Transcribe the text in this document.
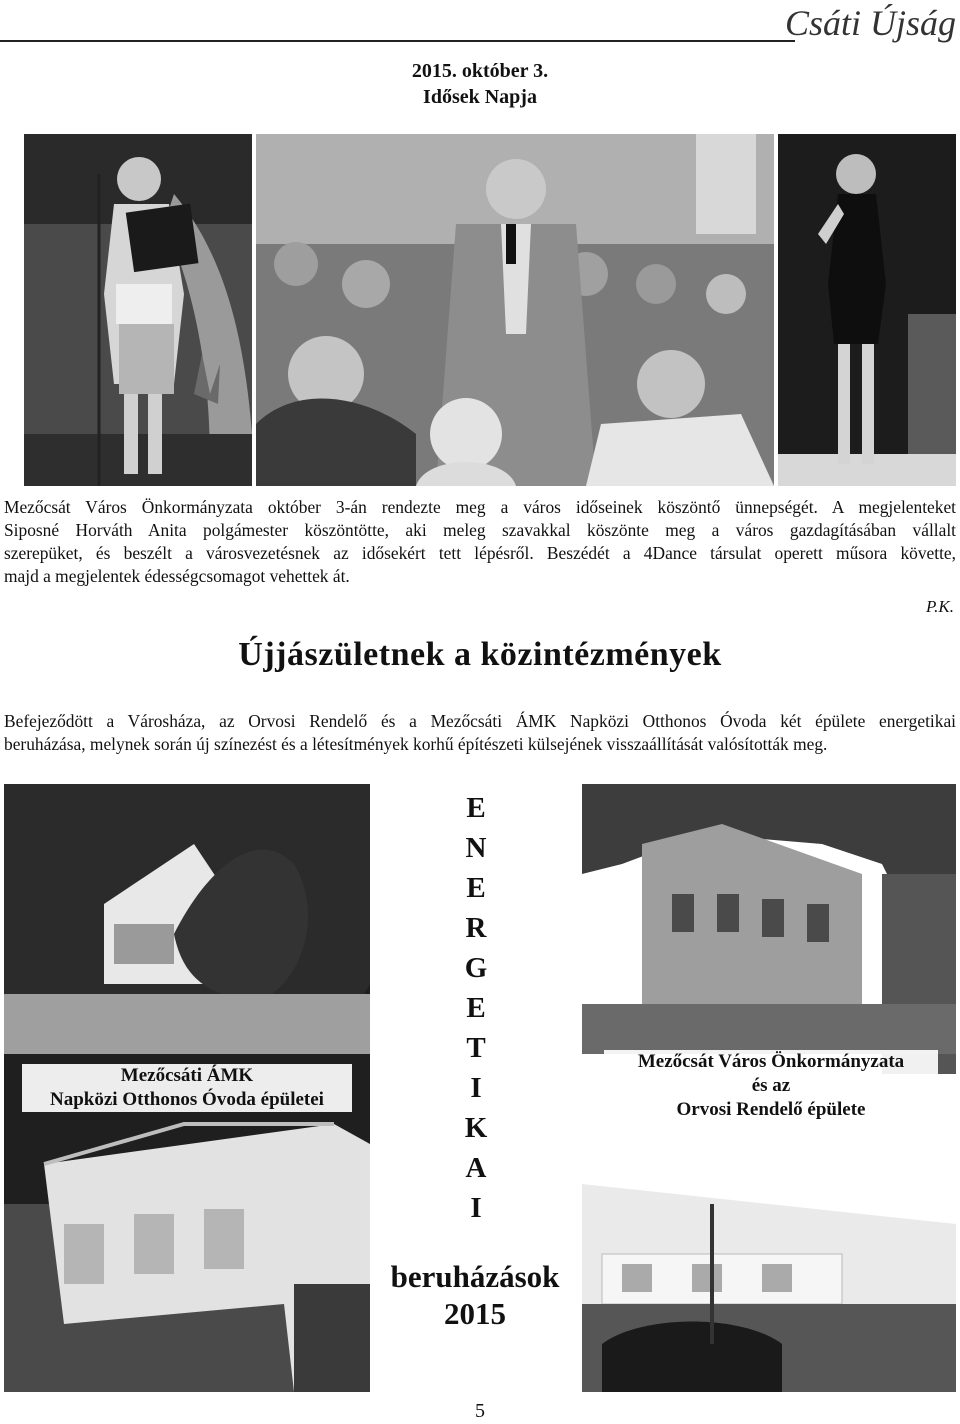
Csáti Újság
2015. október 3.
Idősek Napja
Mezőcsát Város Önkormányzata október 3-án rendezte meg a város időseinek köszöntő ünnepségét. A megjelenteket
Siposné Horváth Anita polgámester köszöntötte, aki meleg szavakkal köszönte meg a város gazdagításában vállalt
szerepüket, és beszélt a városvezetésnek az idősekért tett lépésről. Beszédét a 4Dance társulat operett műsora követte,
majd a megjelentek édességcsomagot vehettek át.
P.K.
Újjászületnek a közintézmények
Befejeződött a Városháza, az Orvosi Rendelő és a Mezőcsáti ÁMK Napközi Otthonos Óvoda két épülete energetikai
beruházása, melynek során új színezést és a létesítmények korhű építészeti külsejének visszaállítását valósították meg.
Mezőcsáti ÁMK
Napközi Otthonos Óvoda épületei
Mezőcsát Város Önkormányzata
és az
Orvosi Rendelő épülete
E
N
E
R
G
E
T
I
K
A
I
beruházások
2015
5
